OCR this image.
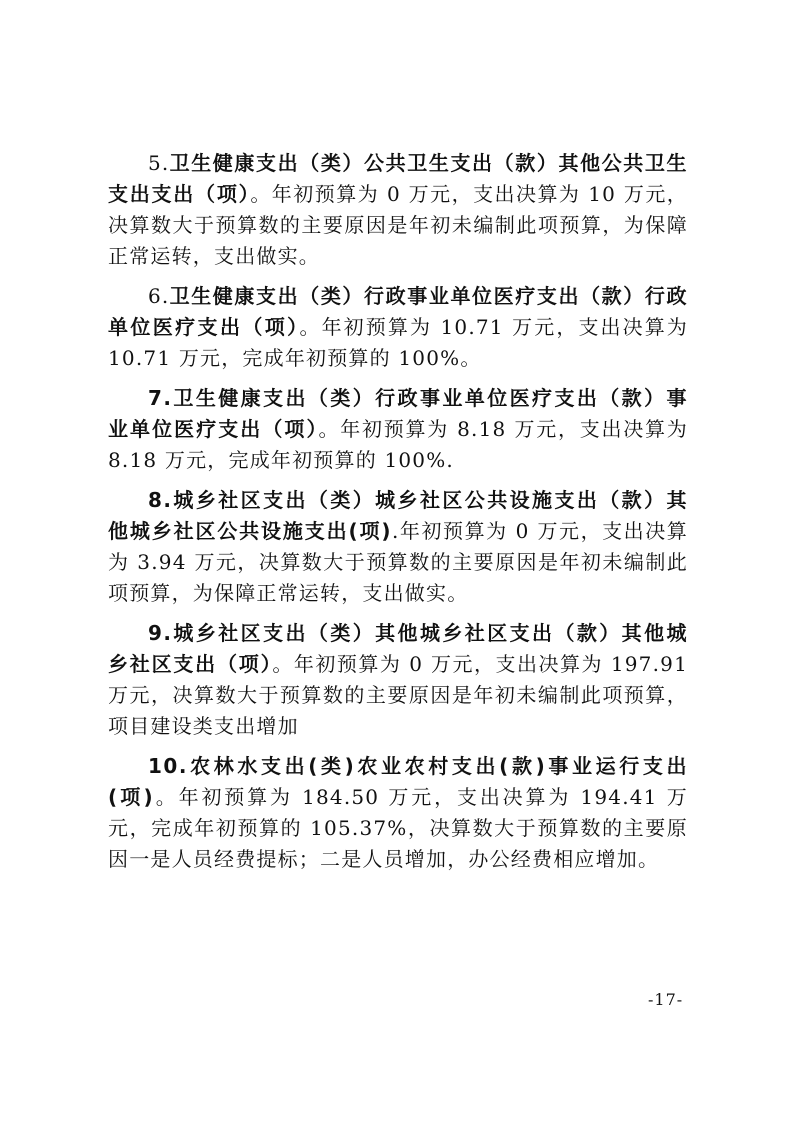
5.卫生健康支出（类）公共卫生支出（款）其他公共卫生支出支出（项）。年初预算为 0 万元，支出决算为 10 万元，决算数大于预算数的主要原因是年初未编制此项预算，为保障正常运转，支出做实。

6.卫生健康支出（类）行政事业单位医疗支出（款）行政单位医疗支出（项）。年初预算为 10.71 万元，支出决算为 10.71 万元，完成年初预算的 100%。

7.卫生健康支出（类）行政事业单位医疗支出（款）事业单位医疗支出（项）。年初预算为 8.18 万元，支出决算为 8.18 万元，完成年初预算的 100%.

8.城乡社区支出（类）城乡社区公共设施支出（款）其他城乡社区公共设施支出(项).年初预算为 0 万元，支出决算为 3.94 万元，决算数大于预算数的主要原因是年初未编制此项预算，为保障正常运转，支出做实。

9.城乡社区支出（类）其他城乡社区支出（款）其他城乡社区支出（项）。年初预算为 0 万元，支出决算为 197.91 万元，决算数大于预算数的主要原因是年初未编制此项预算，项目建设类支出增加

10.农林水支出(类)农业农村支出(款)事业运行支出(项)。年初预算为 184.50 万元，支出决算为 194.41 万元，完成年初预算的 105.37%，决算数大于预算数的主要原因一是人员经费提标；二是人员增加，办公经费相应增加。

-17-
